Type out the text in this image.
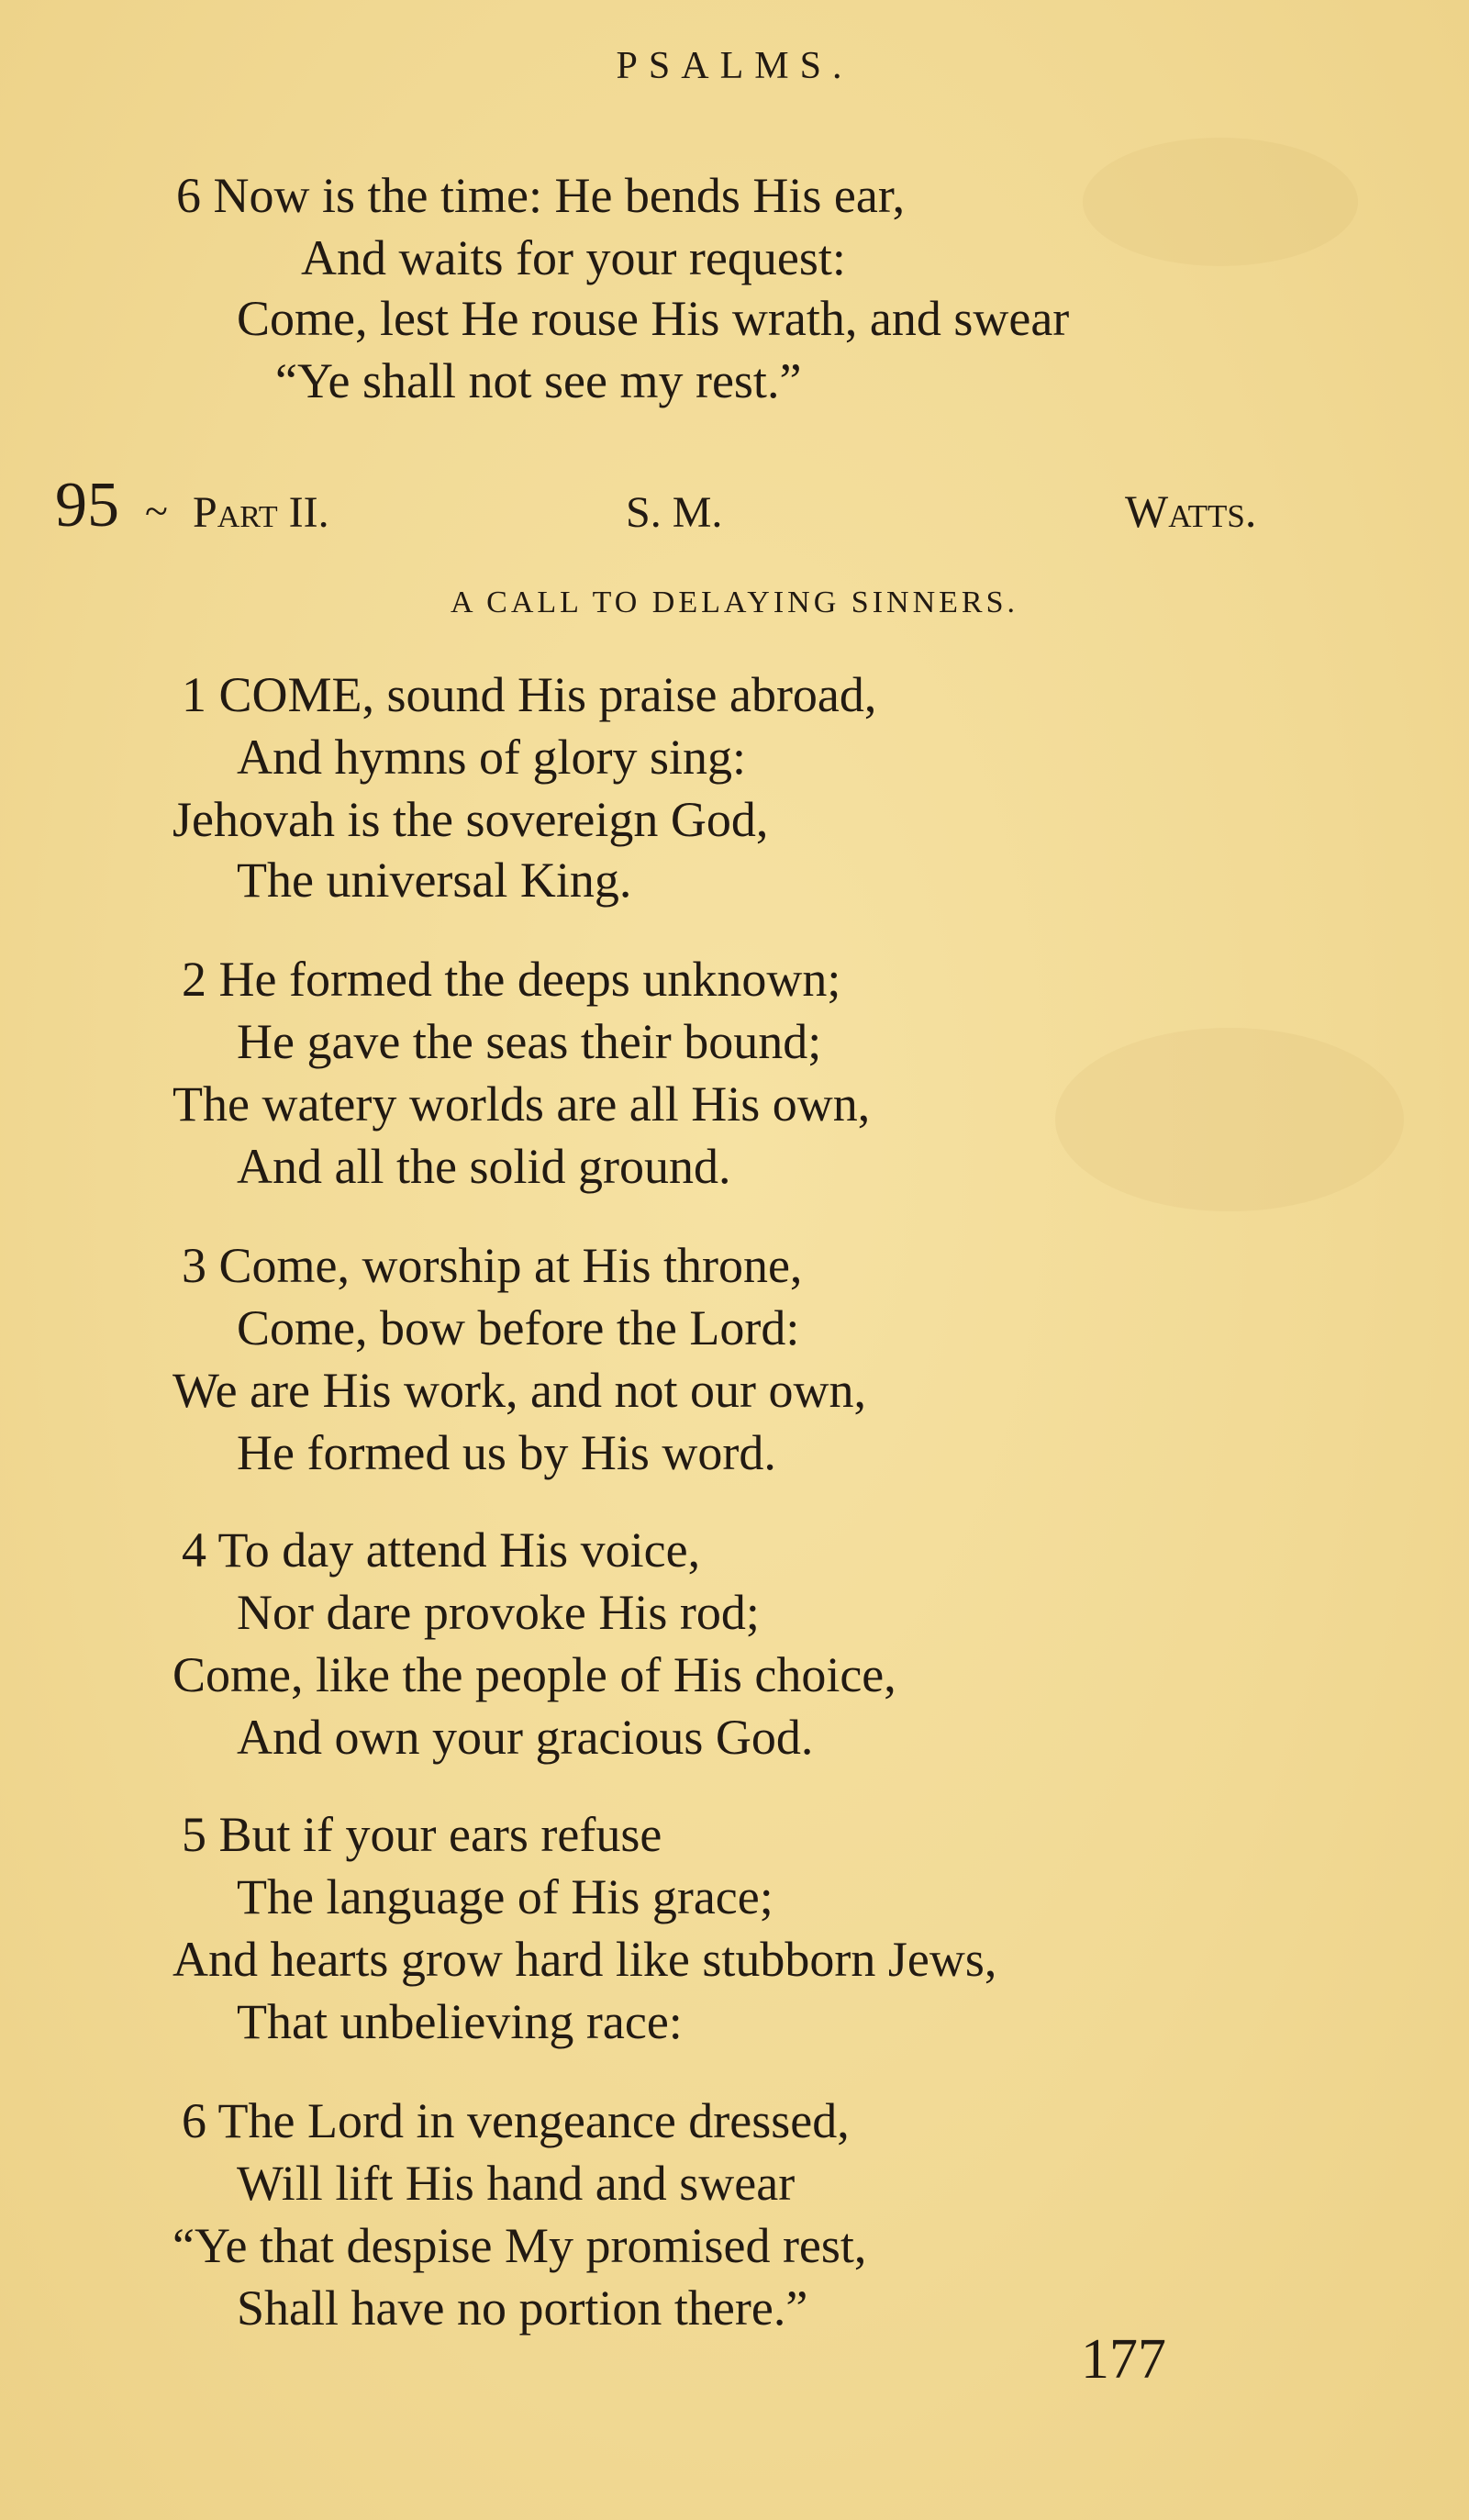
PSALMS.
6 Now is the time: He bends His ear,
And waits for your request:
Come, lest He rouse His wrath, and swear
“Ye shall not see my rest.”
95 ~ Part II.	S. M.	Watts.
A CALL TO DELAYING SINNERS.
1 COME, sound His praise abroad,
And hymns of glory sing:
Jehovah is the sovereign God,
The universal King.
2 He formed the deeps unknown;
He gave the seas their bound;
The watery worlds are all His own,
And all the solid ground.
3 Come, worship at His throne,
Come, bow before the Lord:
We are His work, and not our own,
He formed us by His word.
4 To day attend His voice,
Nor dare provoke His rod;
Come, like the people of His choice,
And own your gracious God.
5 But if your ears refuse
The language of His grace;
And hearts grow hard like stubborn Jews,
That unbelieving race:
6 The Lord in vengeance dressed,
Will lift His hand and swear
“Ye that despise My promised rest,
Shall have no portion there.”
177
